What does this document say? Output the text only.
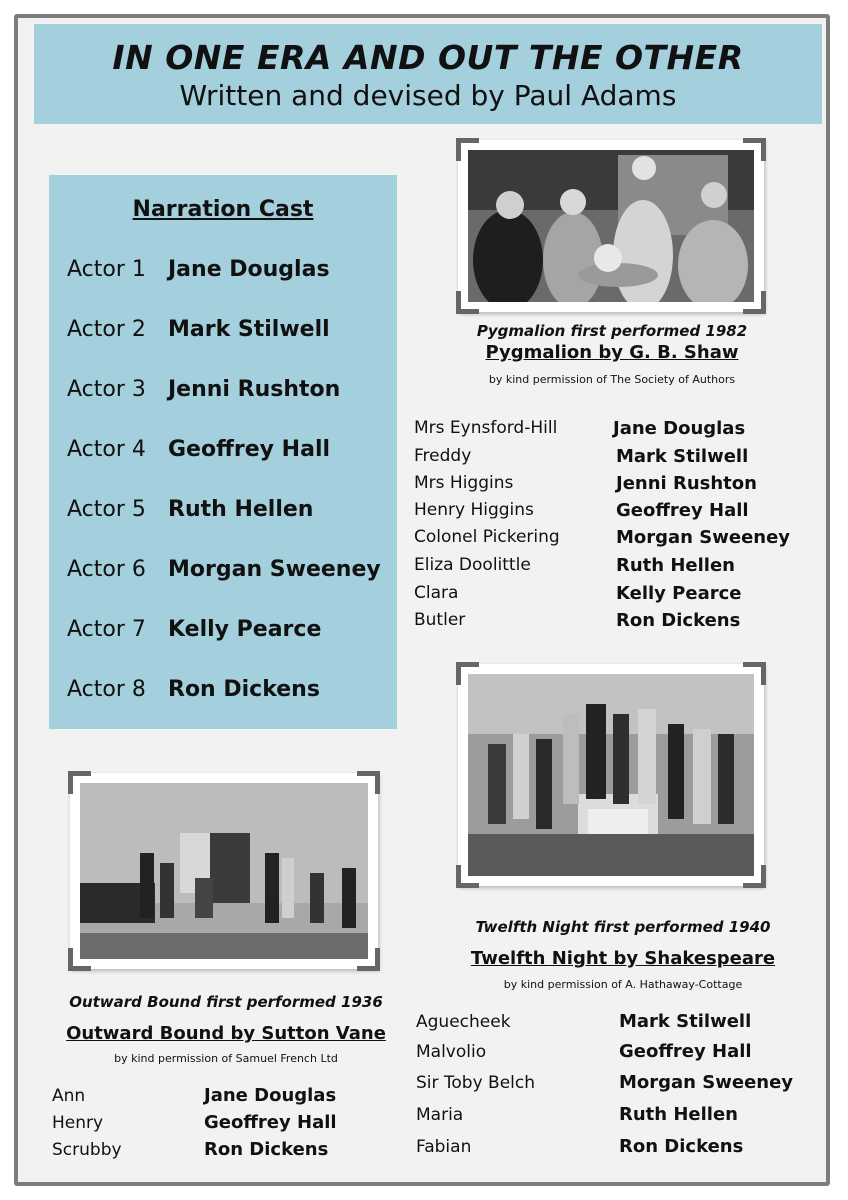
IN ONE ERA AND OUT THE OTHER
Written and devised by Paul Adams
Narration Cast
Actor 1 Jane Douglas
Actor 2 Mark Stilwell
Actor 3 Jenni Rushton
Actor 4 Geoffrey Hall
Actor 5 Ruth Hellen
Actor 6 Morgan Sweeney
Actor 7 Kelly Pearce
Actor 8 Ron Dickens
Pygmalion first performed 1982
Pygmalion by G. B. Shaw
by kind permission of The Society of Authors
Mrs Eynsford-Hill	Jane Douglas
Freddy	Mark Stilwell
Mrs Higgins	Jenni Rushton
Henry Higgins	Geoffrey Hall
Colonel Pickering	Morgan Sweeney
Eliza Doolittle	Ruth Hellen
Clara	Kelly Pearce
Butler	Ron Dickens
Twelfth Night first performed 1940
Twelfth Night by Shakespeare
by kind permission of A. Hathaway-Cottage
Aguecheek	Mark Stilwell
Malvolio	Geoffrey Hall
Sir Toby Belch	Morgan Sweeney
Maria	Ruth Hellen
Fabian	Ron Dickens
Outward Bound first performed 1936
Outward Bound by Sutton Vane
by kind permission of Samuel French Ltd
Ann	Jane Douglas
Henry	Geoffrey Hall
Scrubby	Ron Dickens
